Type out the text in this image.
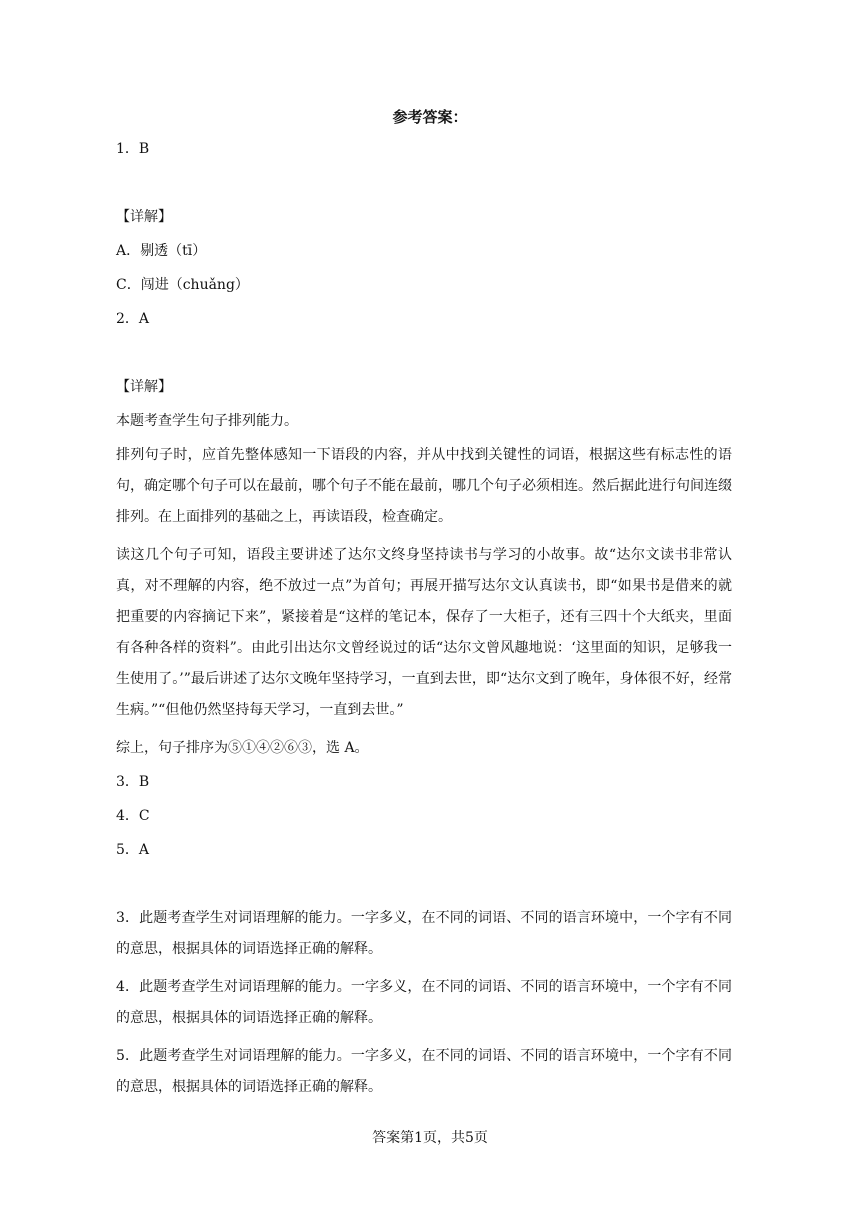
参考答案：

1．B

【详解】

A．剔透（tī）

C．闯进（chuǎng）

2．A

【详解】

本题考查学生句子排列能力。

排列句子时，应首先整体感知一下语段的内容，并从中找到关键性的词语，根据这些有标志性的语句，确定哪个句子可以在最前，哪个句子不能在最前，哪几个句子必须相连。然后据此进行句间连缀排列。在上面排列的基础之上，再读语段，检查确定。

读这几个句子可知，语段主要讲述了达尔文终身坚持读书与学习的小故事。故“达尔文读书非常认真，对不理解的内容，绝不放过一点”为首句；再展开描写达尔文认真读书，即“如果书是借来的就把重要的内容摘记下来”，紧接着是“这样的笔记本，保存了一大柜子，还有三四十个大纸夹，里面有各种各样的资料”。由此引出达尔文曾经说过的话“达尔文曾风趣地说：‘这里面的知识，足够我一生使用了。’”最后讲述了达尔文晚年坚持学习，一直到去世，即“达尔文到了晚年，身体很不好，经常生病。”“但他仍然坚持每天学习，一直到去世。”

综上，句子排序为⑤①④②⑥③，选 A。

3．B

4．C

5．A

3．此题考查学生对词语理解的能力。一字多义，在不同的词语、不同的语言环境中，一个字有不同的意思，根据具体的词语选择正确的解释。

4．此题考查学生对词语理解的能力。一字多义，在不同的词语、不同的语言环境中，一个字有不同的意思，根据具体的词语选择正确的解释。

5．此题考查学生对词语理解的能力。一字多义，在不同的词语、不同的语言环境中，一个字有不同的意思，根据具体的词语选择正确的解释。

答案第1页，共5页
